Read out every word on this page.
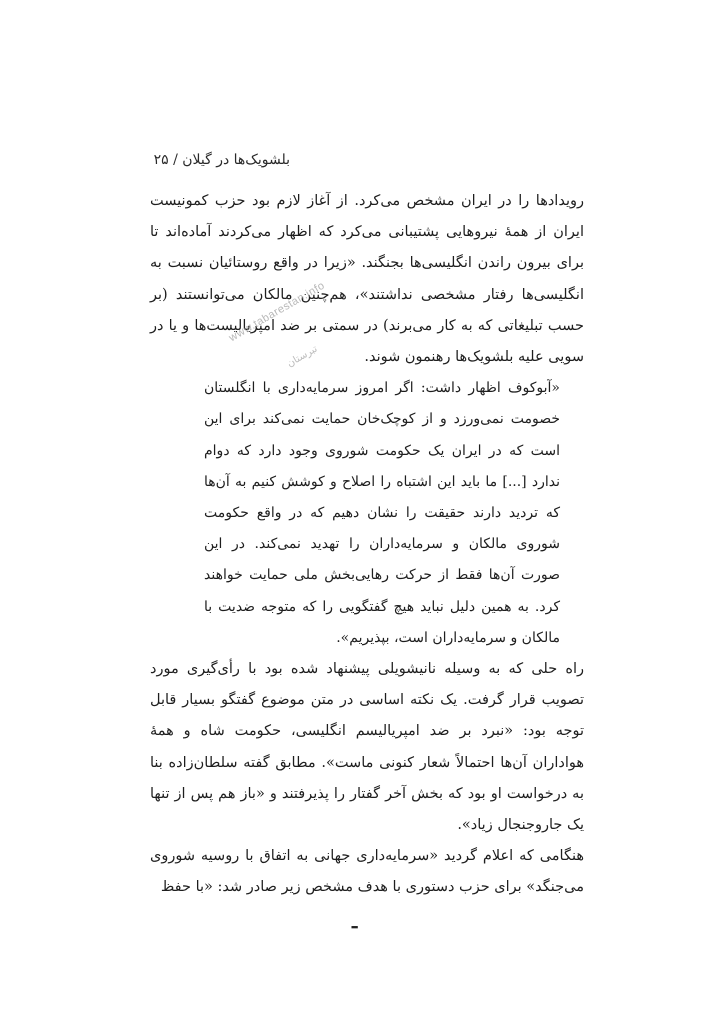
بلشویک‌ها در گیلان / ۲۵

رویدادها را در ایران مشخص می‌کرد. از آغاز لازم بود حزب کمونیست ایران از همهٔ نیروهایی پشتیبانی می‌کرد که اظهار می‌کردند آماده‌اند تا برای بیرون راندن انگلیسی‌ها بجنگند. «زیرا در واقع روستائیان نسبت به انگلیسی‌ها رفتار مشخصی نداشتند»، هم‌چنین مالکان می‌توانستند (بر حسب تبلیغاتی که به کار می‌برند) در سمتی بر ضد امپریالیست‌ها و یا در سویی علیه بلشویک‌ها رهنمون شوند.

«آبوکوف اظهار داشت: اگر امروز سرمایه‌داری با انگلستان خصومت نمی‌ورزد و از کوچک‌خان حمایت نمی‌کند برای این است که در ایران یک حکومت شوروی وجود دارد که دوام ندارد [...] ما باید این اشتباه را اصلاح و کوشش کنیم به آن‌ها که تردید دارند حقیقت را نشان دهیم که در واقع حکومت شوروی مالکان و سرمایه‌داران را تهدید نمی‌کند. در این صورت آن‌ها فقط از حرکت رهایی‌بخش ملی حمایت خواهند کرد. به همین دلیل نباید هیچ گفتگویی را که متوجه ضدیت با مالکان و سرمایه‌داران است، بپذیریم».

راه حلی که به وسیله نانیشویلی پیشنهاد شده بود با رأی‌گیری مورد تصویب قرار گرفت. یک نکته اساسی در متن موضوع گفتگو بسیار قابل توجه بود: «نبرد بر ضد امپریالیسم انگلیسی، حکومت شاه و همهٔ هواداران آن‌ها احتمالاً شعار کنونی ماست». مطابق گفته سلطان‌زاده بنا به درخواست او بود که بخش آخر گفتار را پذیرفتند و «باز هم پس از تنها یک جاروجنجال زیاد».

هنگامی که اعلام گردید «سرمایه‌داری جهانی به اتفاق با روسیه شوروی می‌جنگد» برای حزب دستوری با هدف مشخص زیر صادر شد: «با حفظ

www.tabarestan.info
تبرستان
ـ
